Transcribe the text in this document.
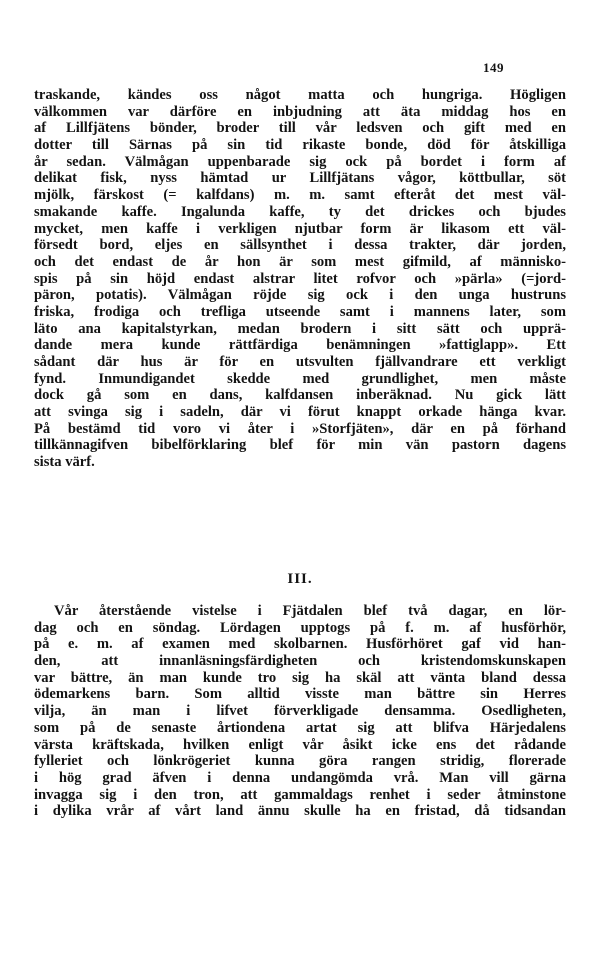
149
traskande, kändes oss något matta och hungriga. Högligen
välkommen var därföre en inbjudning att äta middag hos en
af Lillfjätens bönder, broder till vår ledsven och gift med en
dotter till Särnas på sin tid rikaste bonde, död för åtskilliga
år sedan. Välmågan uppenbarade sig ock på bordet i form af
delikat fisk, nyss hämtad ur Lillfjätans vågor, köttbullar, söt
mjölk, färskost (= kalfdans) m. m. samt efteråt det mest väl-
smakande kaffe. Ingalunda kaffe, ty det drickes och bjudes
mycket, men kaffe i verkligen njutbar form är likasom ett väl-
försedt bord, eljes en sällsynthet i dessa trakter, där jorden,
och det endast de år hon är som mest gifmild, af människo-
spis på sin höjd endast alstrar litet rofvor och »pärla» (=jord-
päron, potatis). Välmågan röjde sig ock i den unga hustruns
friska, frodiga och trefliga utseende samt i mannens later, som
läto ana kapitalstyrkan, medan brodern i sitt sätt och upprä-
dande mera kunde rättfärdiga benämningen »fattiglapp». Ett
sådant där hus är för en utsvulten fjällvandrare ett verkligt
fynd. Inmundigandet skedde med grundlighet, men måste
dock gå som en dans, kalfdansen inberäknad. Nu gick lätt
att svinga sig i sadeln, där vi förut knappt orkade hänga kvar.
På bestämd tid voro vi åter i »Storfjäten», där en på förhand
tillkännagifven bibelförklaring blef för min vän pastorn dagens
sista värf.
III.
Vår återstående vistelse i Fjätdalen blef två dagar, en lör-
dag och en söndag. Lördagen upptogs på f. m. af husförhör,
på e. m. af examen med skolbarnen. Husförhöret gaf vid han-
den, att innanläsningsfärdigheten och kristendomskunskapen
var bättre, än man kunde tro sig ha skäl att vänta bland dessa
ödemarkens barn. Som alltid visste man bättre sin Herres
vilja, än man i lifvet förverkligade densamma. Osedligheten,
som på de senaste årtiondena artat sig att blifva Härjedalens
värsta kräftskada, hvilken enligt vår åsikt icke ens det rådande
fylleriet och lönkrögeriet kunna göra rangen stridig, florerade
i hög grad äfven i denna undangömda vrå. Man vill gärna
invagga sig i den tron, att gammaldags renhet i seder åtminstone
i dylika vrår af vårt land ännu skulle ha en fristad, då tidsandan
